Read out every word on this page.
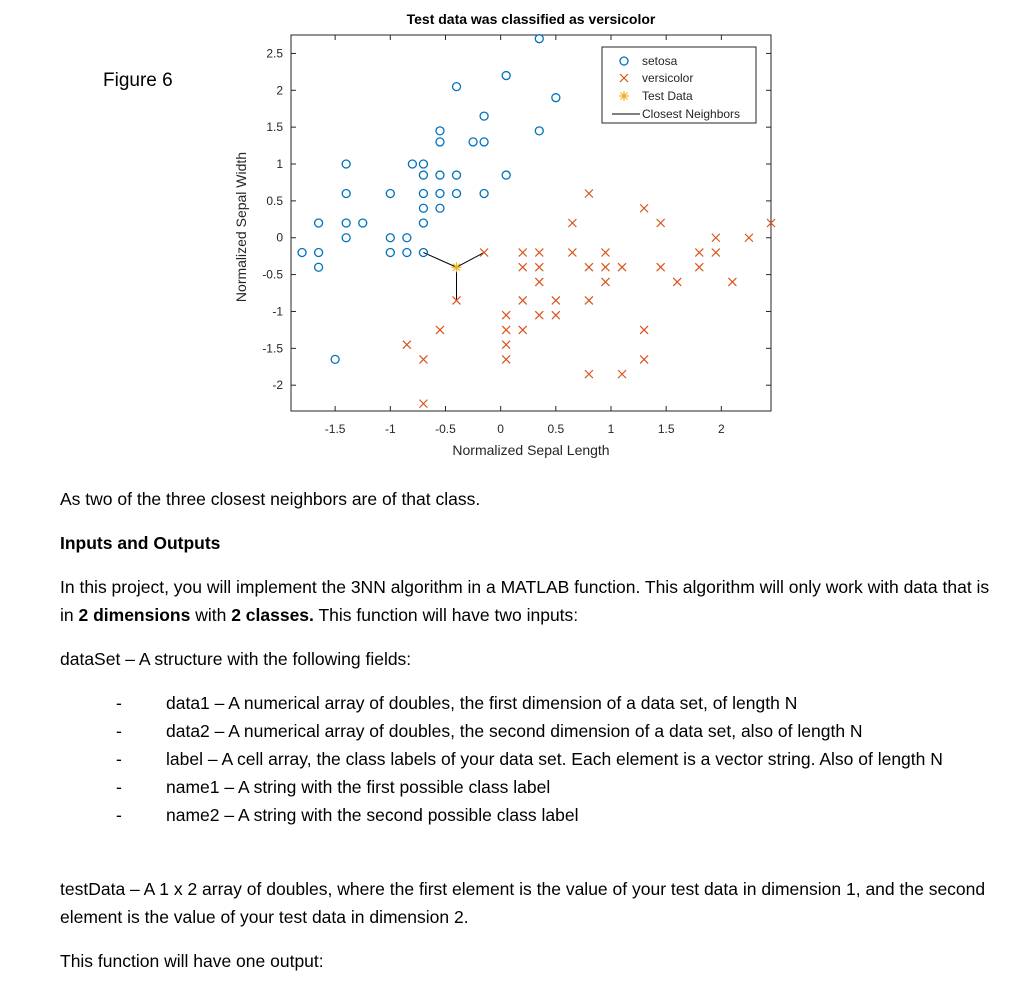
Figure 6
Test data was classified as versicolor
-1.5	-1	-0.5	0	0.5	1	1.5	2
2.5
2
1.5
1
0.5
0
-0.5
-1
-1.5
-2
Normalized Sepal Length
Normalized Sepal Width
setosa
versicolor
Test Data
Closest Neighbors

As two of the three closest neighbors are of that class.

Inputs and Outputs

In this project, you will implement the 3NN algorithm in a MATLAB function. This algorithm will only work with data that is in 2 dimensions with 2 classes. This function will have two inputs:

dataSet – A structure with the following fields:

-	data1 – A numerical array of doubles, the first dimension of a data set, of length N
-	data2 – A numerical array of doubles, the second dimension of a data set, also of length N
-	label – A cell array, the class labels of your data set. Each element is a vector string. Also of length N
-	name1 – A string with the first possible class label
-	name2 – A string with the second possible class label

testData – A 1 x 2 array of doubles, where the first element is the value of your test data in dimension 1, and the second element is the value of your test data in dimension 2.

This function will have one output:
